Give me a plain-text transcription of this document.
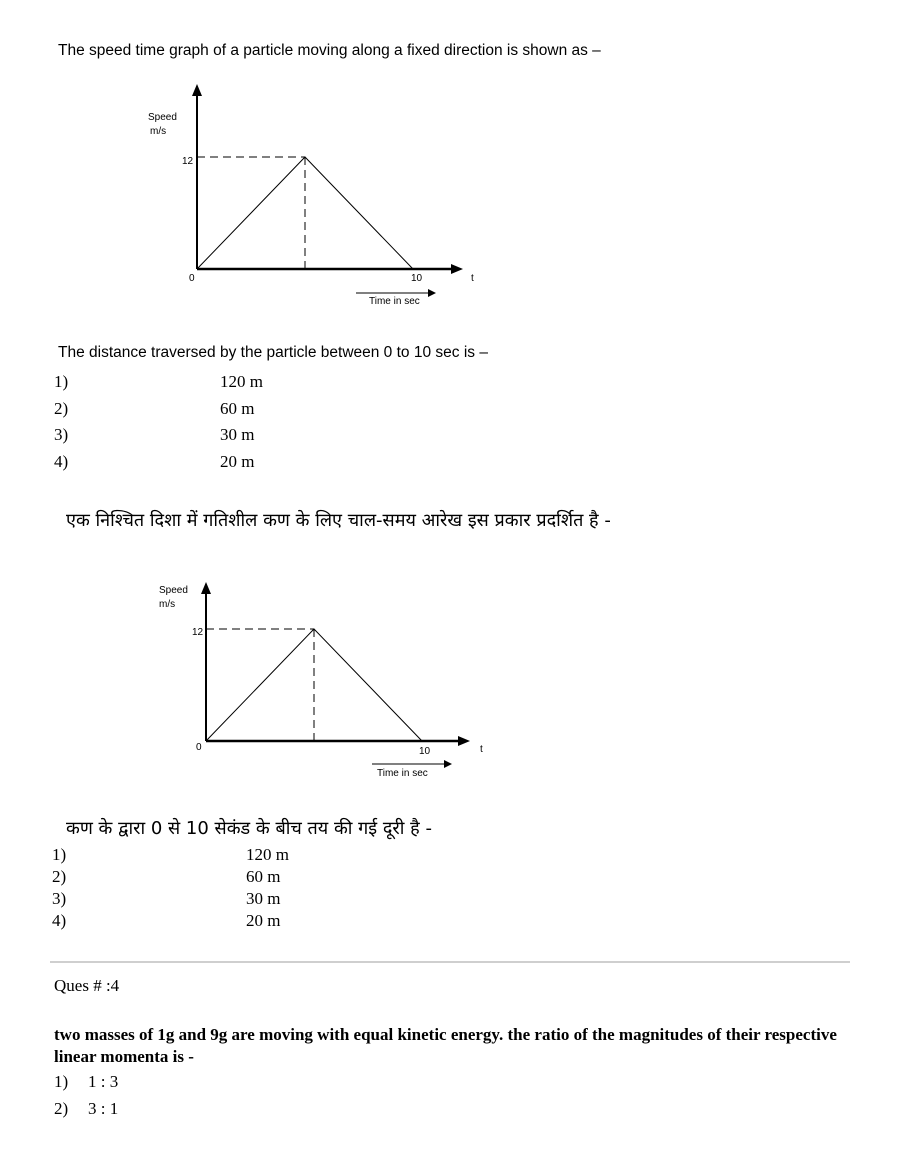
The speed time graph of a particle moving along a fixed direction is shown as –
Speed
m/s
12
0	10	t
Time in sec
The distance traversed by the particle between 0 to 10 sec is –
1)	120 m
2)	60 m
3)	30 m
4)	20 m
एक निश्चित दिशा में गतिशील कण के लिए चाल-समय आरेख इस प्रकार प्रदर्शित है -
Speed
m/s
12
0	10	t
Time in sec
कण के द्वारा 0 से 10 सेकंड के बीच तय की गई दूरी है -
1)	120 m
2)	60 m
3)	30 m
4)	20 m
Ques # :4
two masses of 1g and 9g are moving with equal kinetic energy. the ratio of the magnitudes of their respective linear momenta is -
1) 1 : 3
2) 3 : 1
